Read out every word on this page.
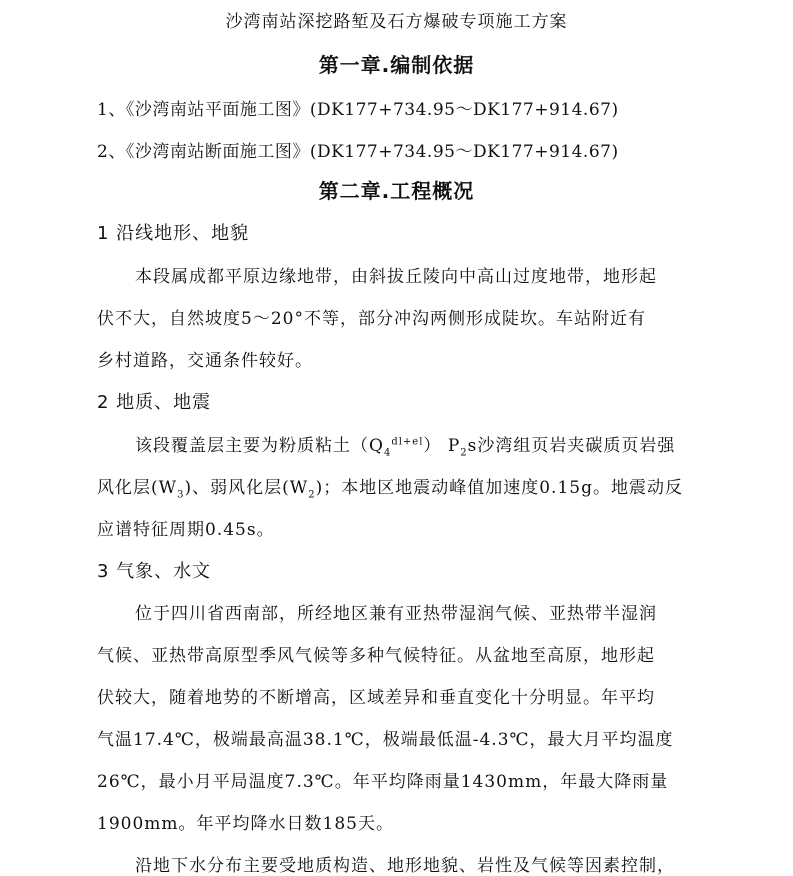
沙湾南站深挖路堑及石方爆破专项施工方案
第一章.编制依据
1、《沙湾南站平面施工图》(DK177+734.95～DK177+914.67)
2、《沙湾南站断面施工图》(DK177+734.95～DK177+914.67)
第二章.工程概况
1 沿线地形、地貌
本段属成都平原边缘地带，由斜拔丘陵向中高山过度地带，地形起
伏不大，自然坡度5～20°不等，部分冲沟两侧形成陡坎。车站附近有
乡村道路，交通条件较好。
2 地质、地震
该段覆盖层主要为粉质粘土$(Q_4^{dl+el})$ $P_2s$沙湾组页岩夹碳质页岩强
风化层$(W_3)$、弱风化层$(W_2)$；本地区地震动峰值加速度0.15g。地震动反
应谱特征周期0.45s。
3 气象、水文
位于四川省西南部，所经地区兼有亚热带湿润气候、亚热带半湿润
气候、亚热带高原型季风气候等多种气候特征。从盆地至高原，地形起
伏较大，随着地势的不断增高，区域差异和垂直变化十分明显。年平均
气温17.4℃，极端最高温38.1℃，极端最低温-4.3℃，最大月平均温度
26℃，最小月平局温度7.3℃。年平均降雨量1430mm，年最大降雨量
1900mm。年平均降水日数185天。
沿地下水分布主要受地质构造、地形地貌、岩性及气候等因素控制，
